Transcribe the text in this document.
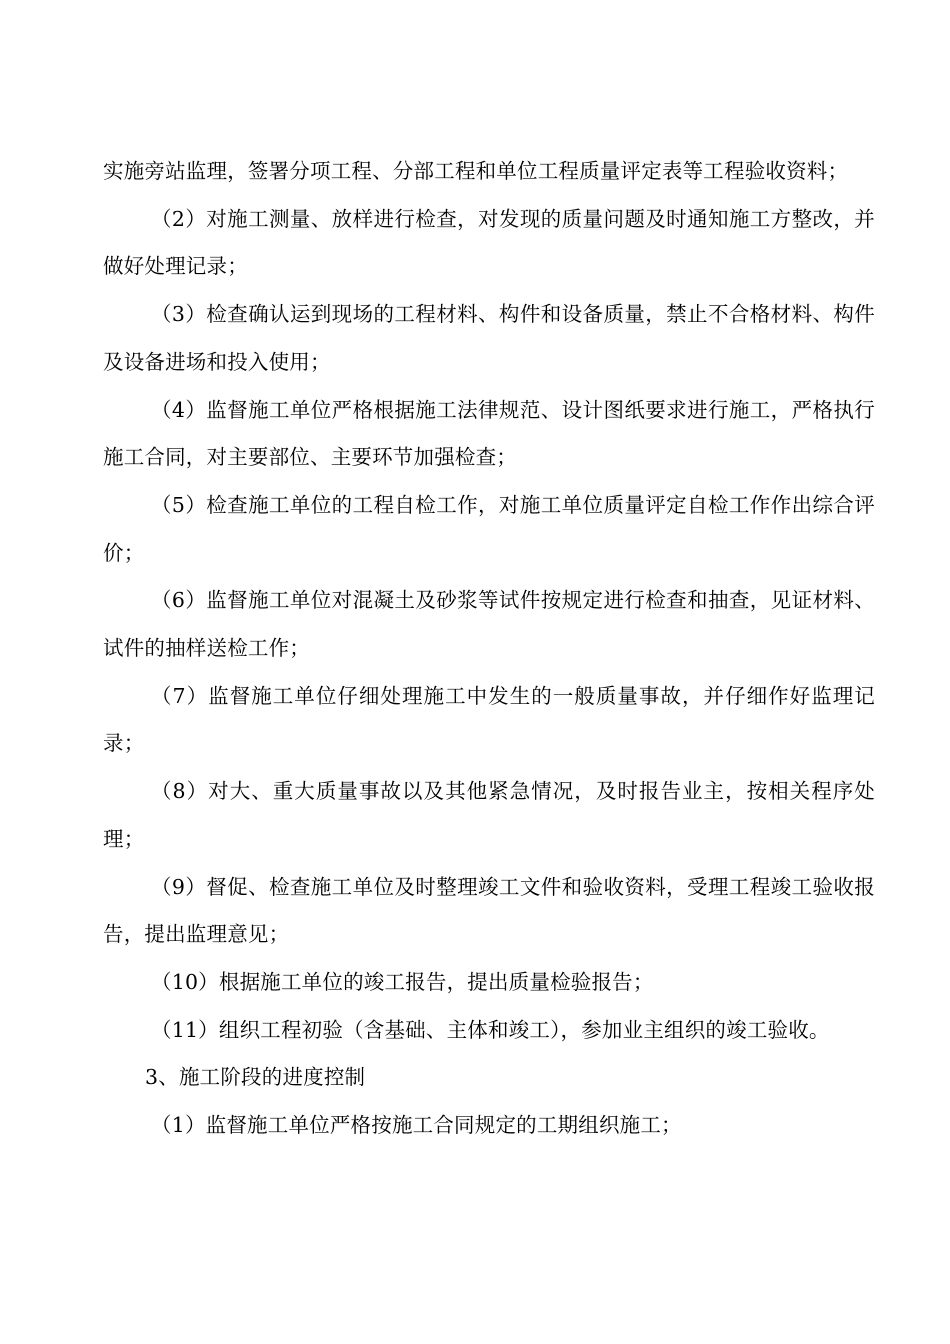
实施旁站监理，签署分项工程、分部工程和单位工程质量评定表等工程验收资料；

（2）对施工测量、放样进行检查，对发现的质量问题及时通知施工方整改，并做好处理记录；

（3）检查确认运到现场的工程材料、构件和设备质量，禁止不合格材料、构件及设备进场和投入使用；

（4）监督施工单位严格根据施工法律规范、设计图纸要求进行施工，严格执行施工合同，对主要部位、主要环节加强检查；

（5）检查施工单位的工程自检工作，对施工单位质量评定自检工作作出综合评价；

（6）监督施工单位对混凝土及砂浆等试件按规定进行检查和抽查，见证材料、试件的抽样送检工作；

（7）监督施工单位仔细处理施工中发生的一般质量事故，并仔细作好监理记录；

（8）对大、重大质量事故以及其他紧急情况，及时报告业主，按相关程序处理；

（9）督促、检查施工单位及时整理竣工文件和验收资料，受理工程竣工验收报告，提出监理意见；

（10）根据施工单位的竣工报告，提出质量检验报告；

（11）组织工程初验（含基础、主体和竣工），参加业主组织的竣工验收。

3、施工阶段的进度控制

（1）监督施工单位严格按施工合同规定的工期组织施工；
